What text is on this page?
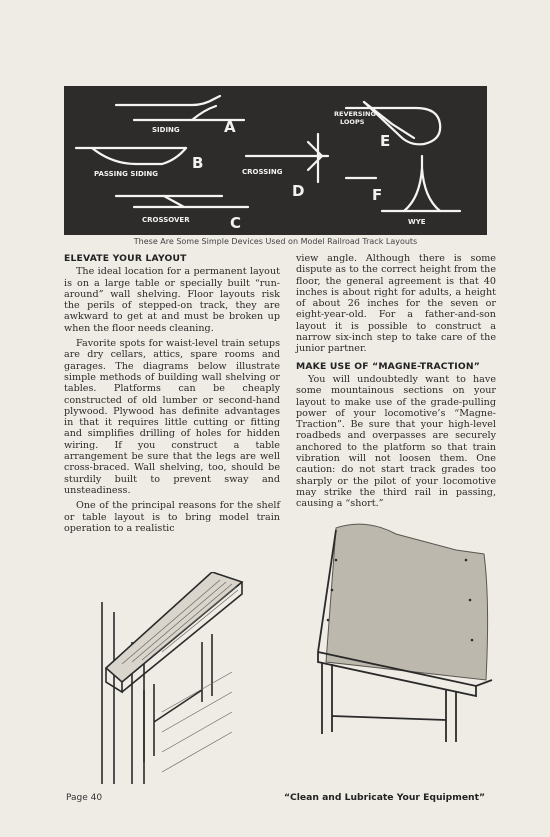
SIDING	A
PASSING SIDING
B
CROSSOVER	C
CROSSING
D
REVERSING
LOOPS
E
F
WYE
These Are Some Simple Devices Used on Model Railroad Track Layouts
ELEVATE YOUR LAYOUT

The ideal location for a permanent layout is on a large table or specially built “run-around” wall shelving. Floor layouts risk the perils of stepped-on track, they are awkward to get at and must be broken up when the floor needs cleaning.

Favorite spots for waist-level train setups are dry cellars, attics, spare rooms and garages. The diagrams below illustrate simple methods of building wall shelving or tables. Platforms can be cheaply constructed of old lumber or second-hand plywood. Plywood has definite advantages in that it requires little cutting or fitting and simplifies drilling of holes for hidden wiring. If you construct a table arrangement be sure that the legs are well cross-braced. Wall shelving, too, should be sturdily built to prevent sway and unsteadiness.

One of the principal reasons for the shelf or table layout is to bring model train operation to a realistic

view angle. Although there is some dispute as to the correct height from the floor, the general agreement is that 40 inches is about right for adults, a height of about 26 inches for the seven or eight-year-old. For a father-and-son layout it is possible to construct a narrow six-inch step to take care of the junior partner.

MAKE USE OF “MAGNE-TRACTION”

You will undoubtedly want to have some mountainous sections on your layout to make use of the grade-pulling power of your locomotive’s “Magne-Traction”. Be sure that your high-level roadbeds and overpasses are securely anchored to the platform so that train vibration will not loosen them. One caution: do not start track grades too sharply or the pilot of your locomotive may strike the third rail in passing, causing a “short.”

Page 40	“Clean and Lubricate Your Equipment”
